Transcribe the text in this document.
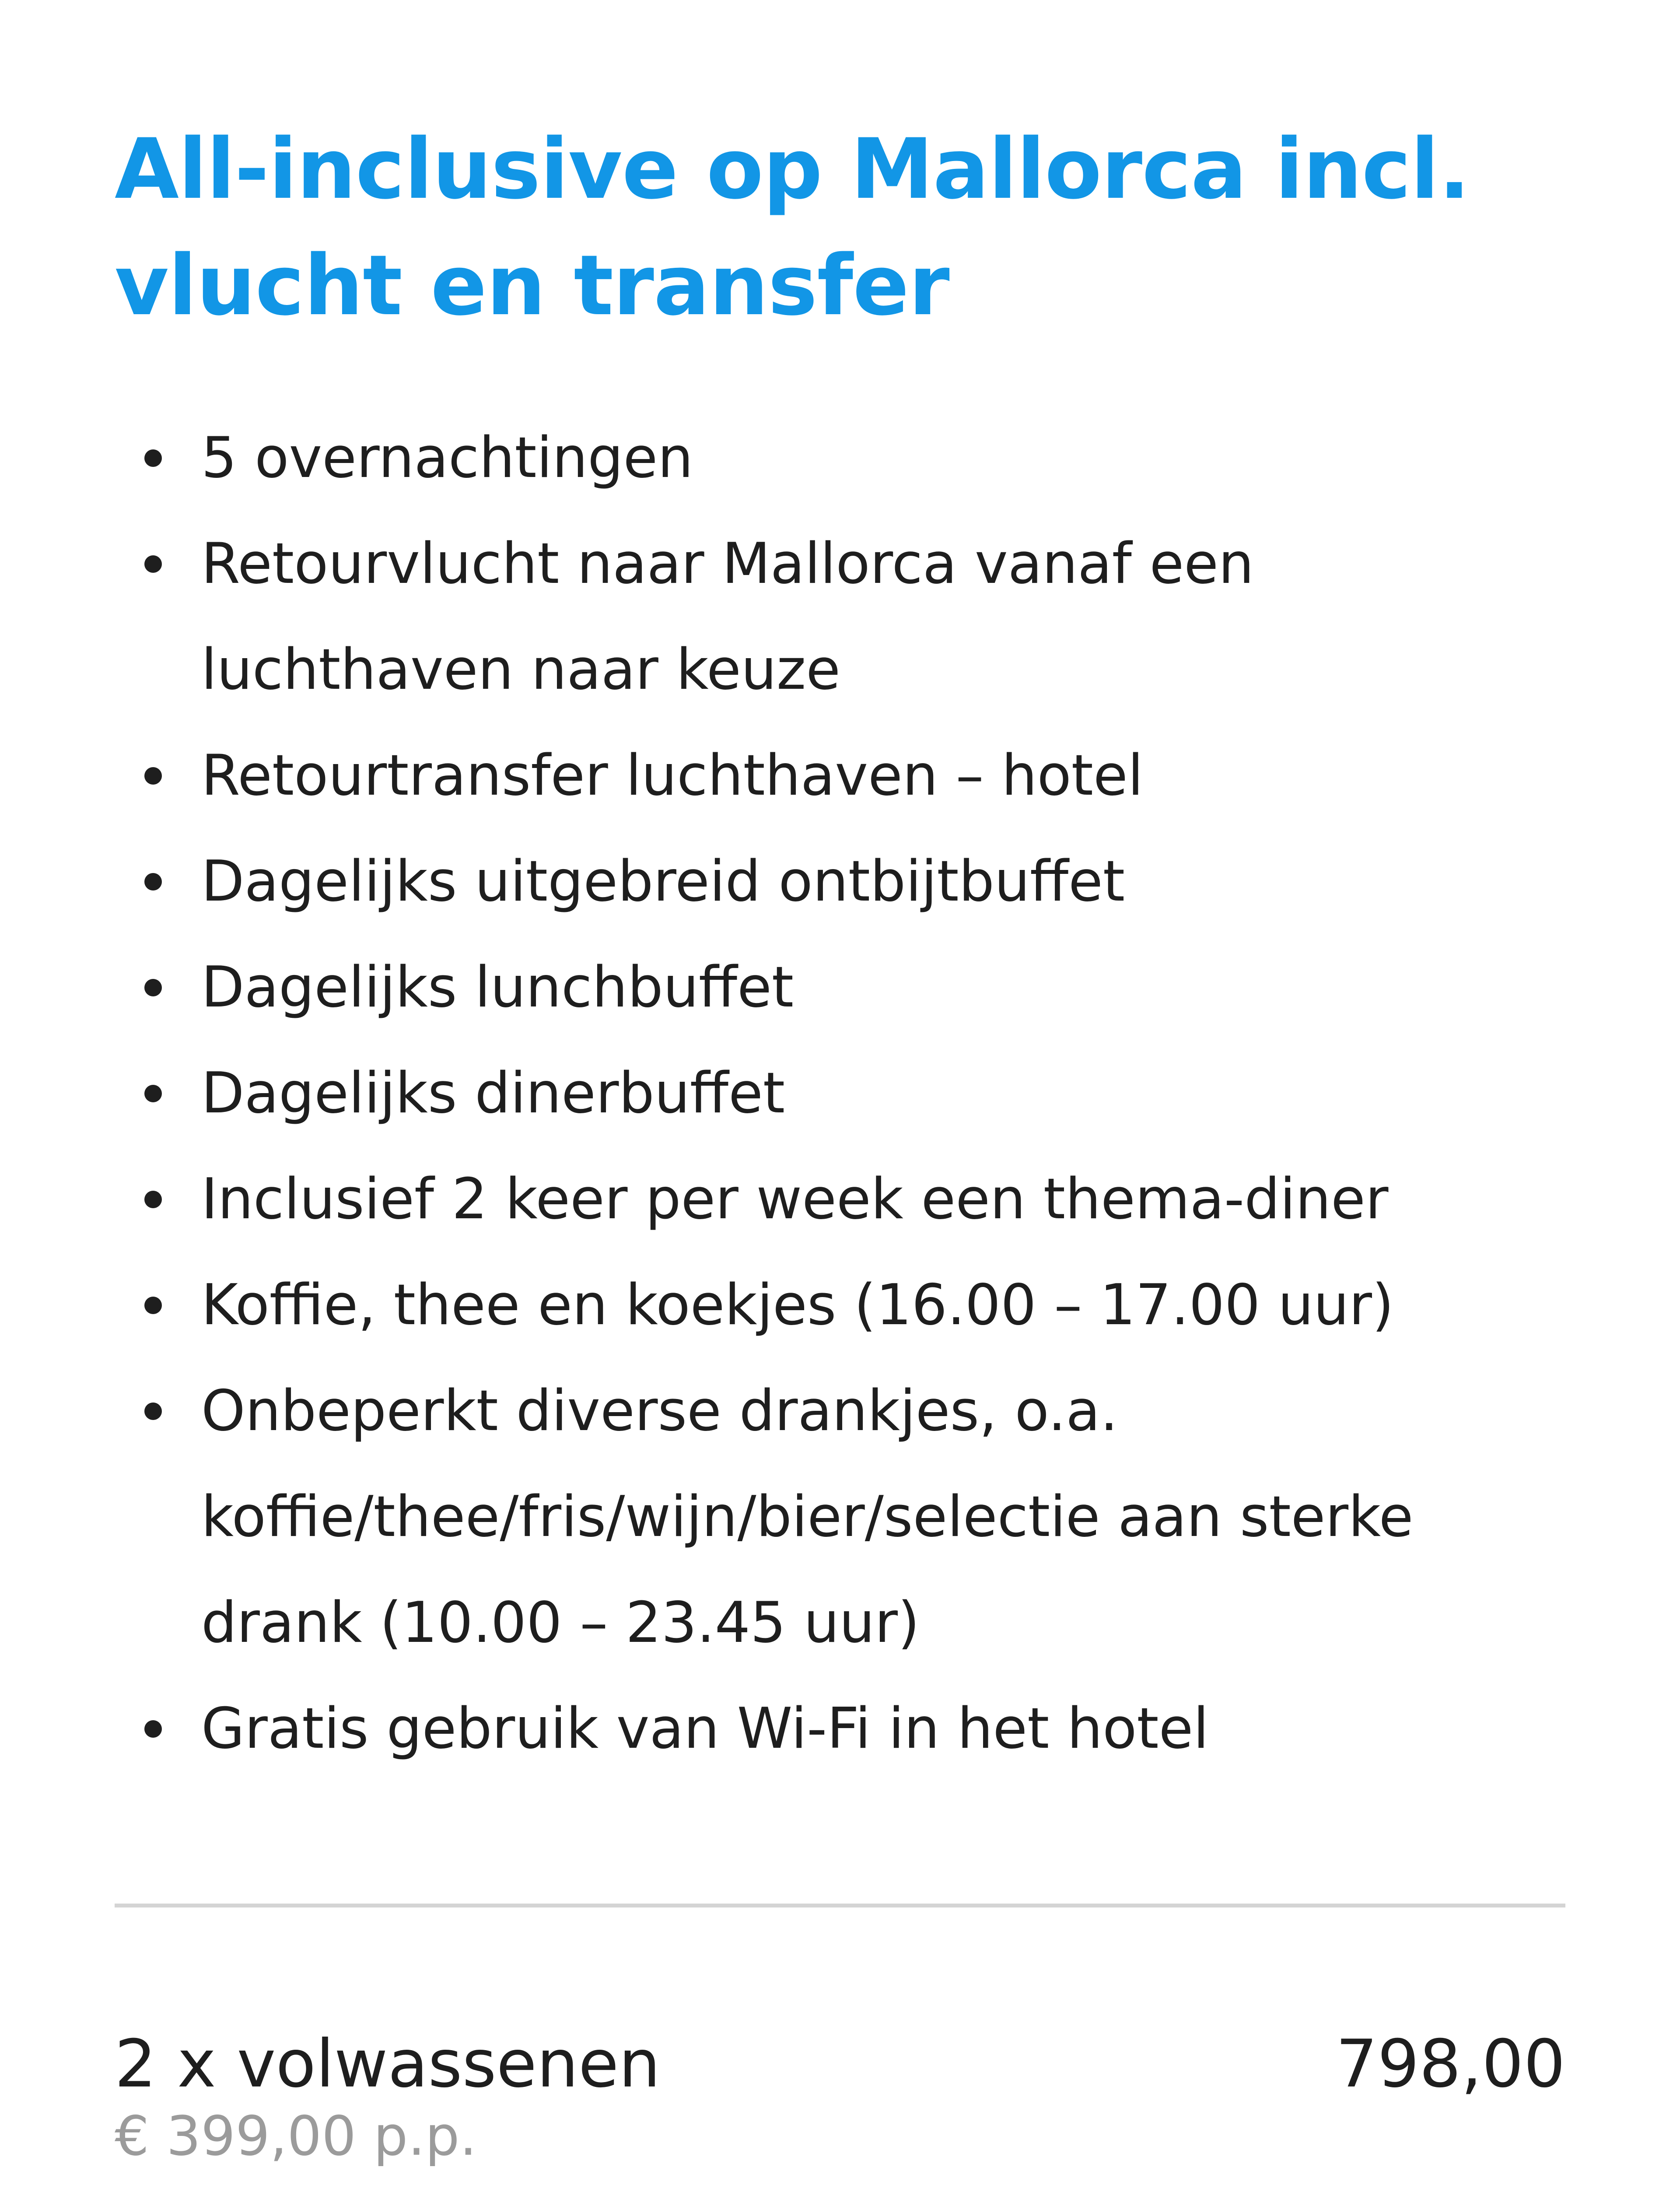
All-inclusive op Mallorca incl.
vlucht en transfer
5 overnachtingen
Retourvlucht naar Mallorca vanaf een luchthaven naar keuze
Retourtransfer luchthaven – hotel
Dagelijks uitgebreid ontbijtbuffet
Dagelijks lunchbuffet
Dagelijks dinerbuffet
Inclusief 2 keer per week een thema-diner
Koffie, thee en koekjes (16.00 – 17.00 uur)
Onbeperkt diverse drankjes, o.a. koffie/thee/fris/wijn/bier/selectie aan sterke drank (10.00 – 23.45 uur)
Gratis gebruik van Wi-Fi in het hotel
2 x volwassenen
€ 399,00 p.p.
798,00
